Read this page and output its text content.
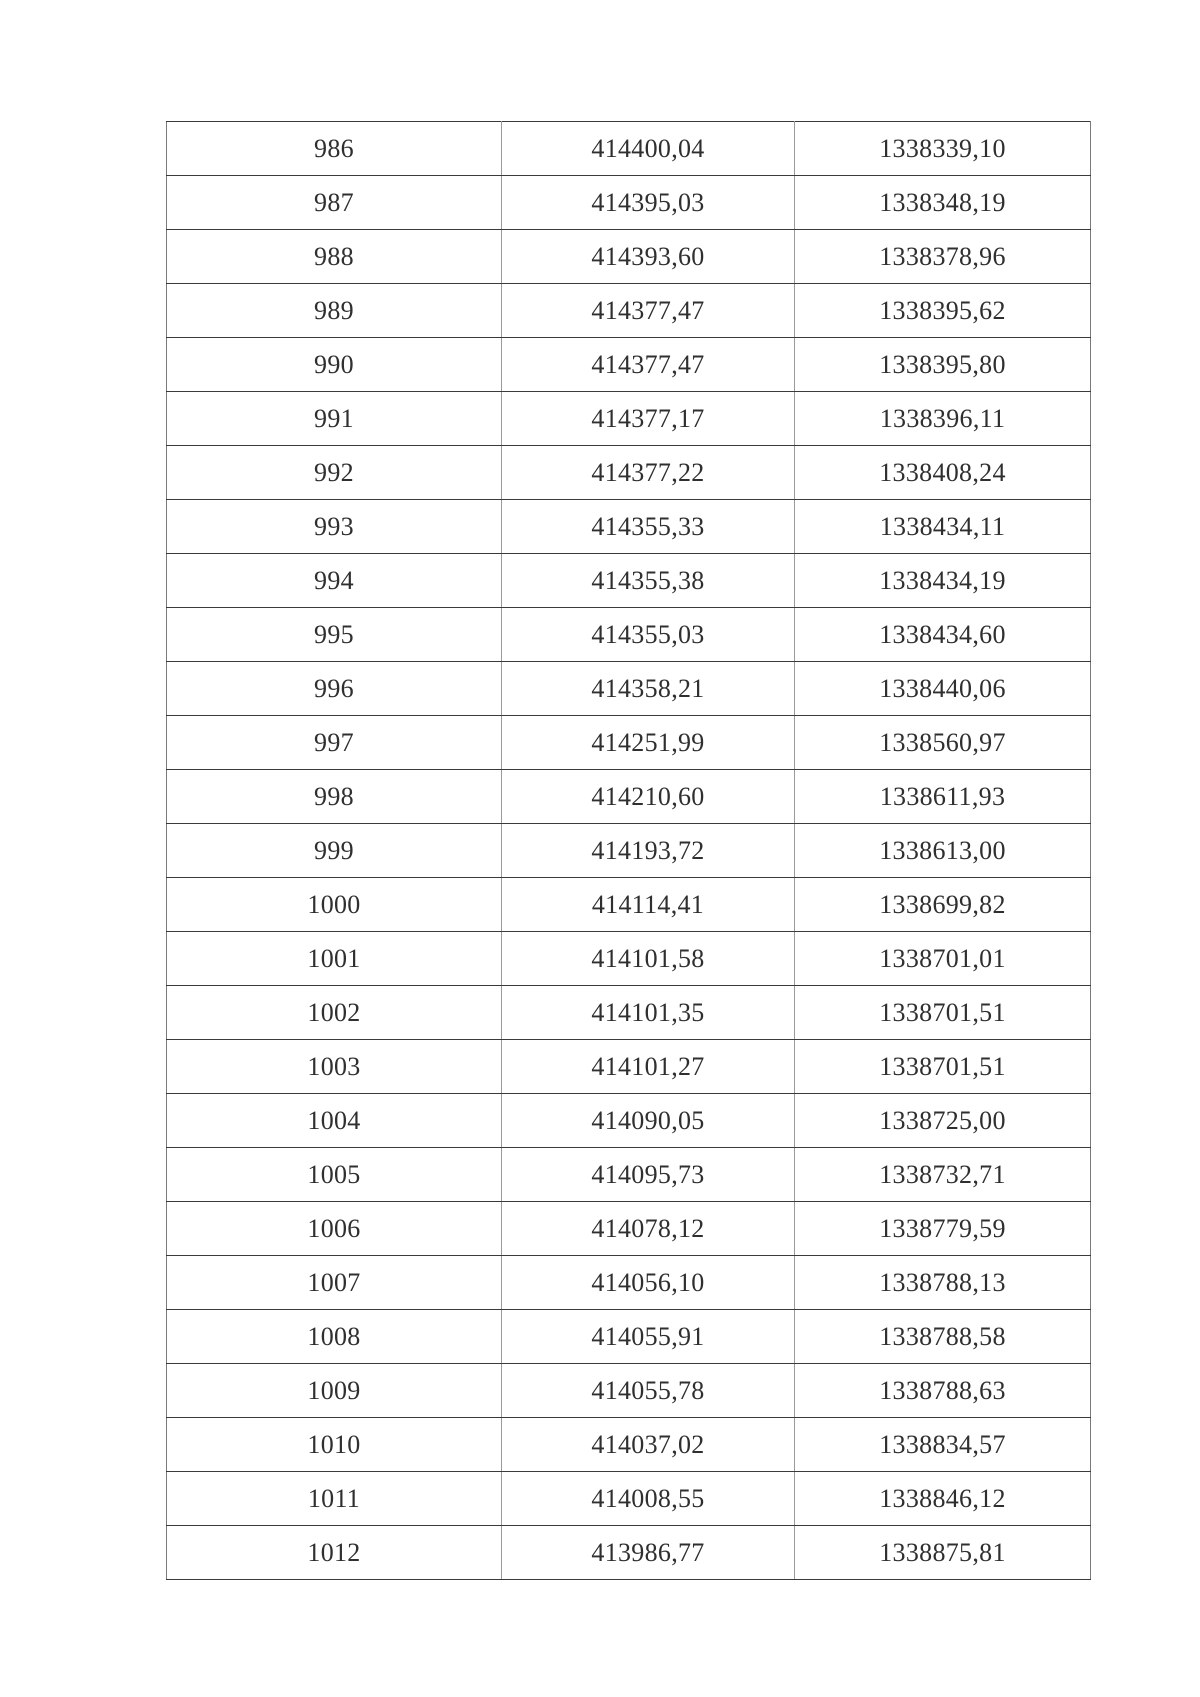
986	414400,04	1338339,10
987	414395,03	1338348,19
988	414393,60	1338378,96
989	414377,47	1338395,62
990	414377,47	1338395,80
991	414377,17	1338396,11
992	414377,22	1338408,24
993	414355,33	1338434,11
994	414355,38	1338434,19
995	414355,03	1338434,60
996	414358,21	1338440,06
997	414251,99	1338560,97
998	414210,60	1338611,93
999	414193,72	1338613,00
1000	414114,41	1338699,82
1001	414101,58	1338701,01
1002	414101,35	1338701,51
1003	414101,27	1338701,51
1004	414090,05	1338725,00
1005	414095,73	1338732,71
1006	414078,12	1338779,59
1007	414056,10	1338788,13
1008	414055,91	1338788,58
1009	414055,78	1338788,63
1010	414037,02	1338834,57
1011	414008,55	1338846,12
1012	413986,77	1338875,81
